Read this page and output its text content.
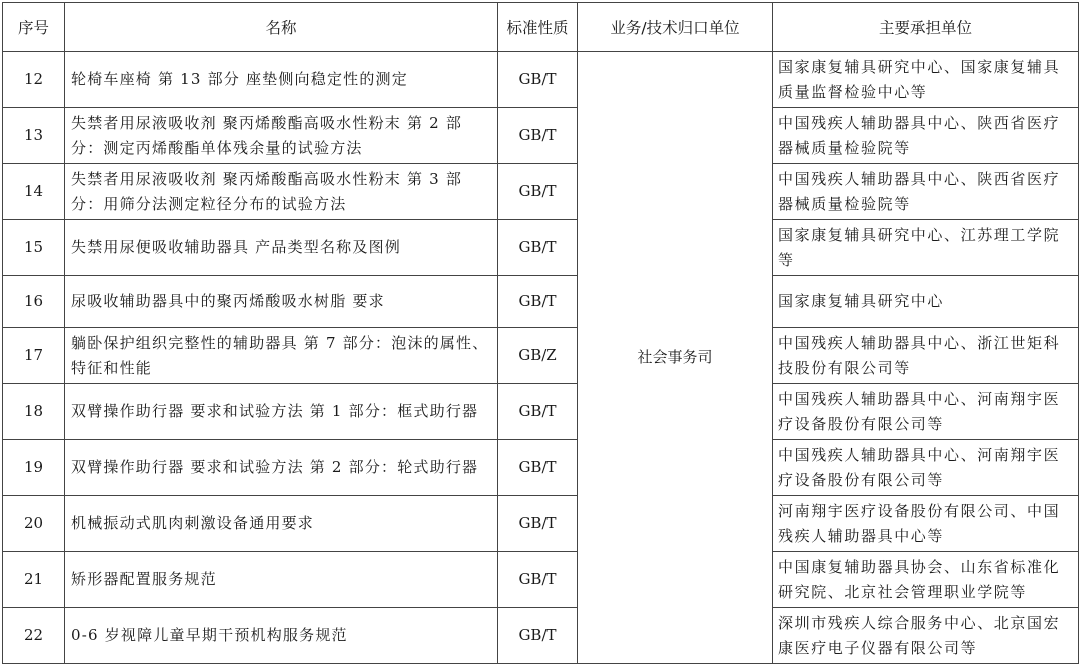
序号	名称	标准性质	业务/技术归口单位	主要承担单位
12	轮椅车座椅 第 13 部分 座垫侧向稳定性的测定	GB/T	社会事务司	国家康复辅具研究中心、国家康复辅具质量监督检验中心等
13	失禁者用尿液吸收剂 聚丙烯酸酯高吸水性粉末 第 2 部分：测定丙烯酸酯单体残余量的试验方法	GB/T		中国残疾人辅助器具中心、陕西省医疗器械质量检验院等
14	失禁者用尿液吸收剂 聚丙烯酸酯高吸水性粉末 第 3 部分：用筛分法测定粒径分布的试验方法	GB/T		中国残疾人辅助器具中心、陕西省医疗器械质量检验院等
15	失禁用尿便吸收辅助器具 产品类型名称及图例	GB/T		国家康复辅具研究中心、江苏理工学院等
16	尿吸收辅助器具中的聚丙烯酸吸水树脂 要求	GB/T		国家康复辅具研究中心
17	躺卧保护组织完整性的辅助器具 第 7 部分：泡沫的属性、特征和性能	GB/Z		中国残疾人辅助器具中心、浙江世矩科技股份有限公司等
18	双臂操作助行器 要求和试验方法 第 1 部分：框式助行器	GB/T		中国残疾人辅助器具中心、河南翔宇医疗设备股份有限公司等
19	双臂操作助行器 要求和试验方法 第 2 部分：轮式助行器	GB/T		中国残疾人辅助器具中心、河南翔宇医疗设备股份有限公司等
20	机械振动式肌肉刺激设备通用要求	GB/T		河南翔宇医疗设备股份有限公司、中国残疾人辅助器具中心等
21	矫形器配置服务规范	GB/T		中国康复辅助器具协会、山东省标准化研究院、北京社会管理职业学院等
22	0-6 岁视障儿童早期干预机构服务规范	GB/T		深圳市残疾人综合服务中心、北京国宏康医疗电子仪器有限公司等
